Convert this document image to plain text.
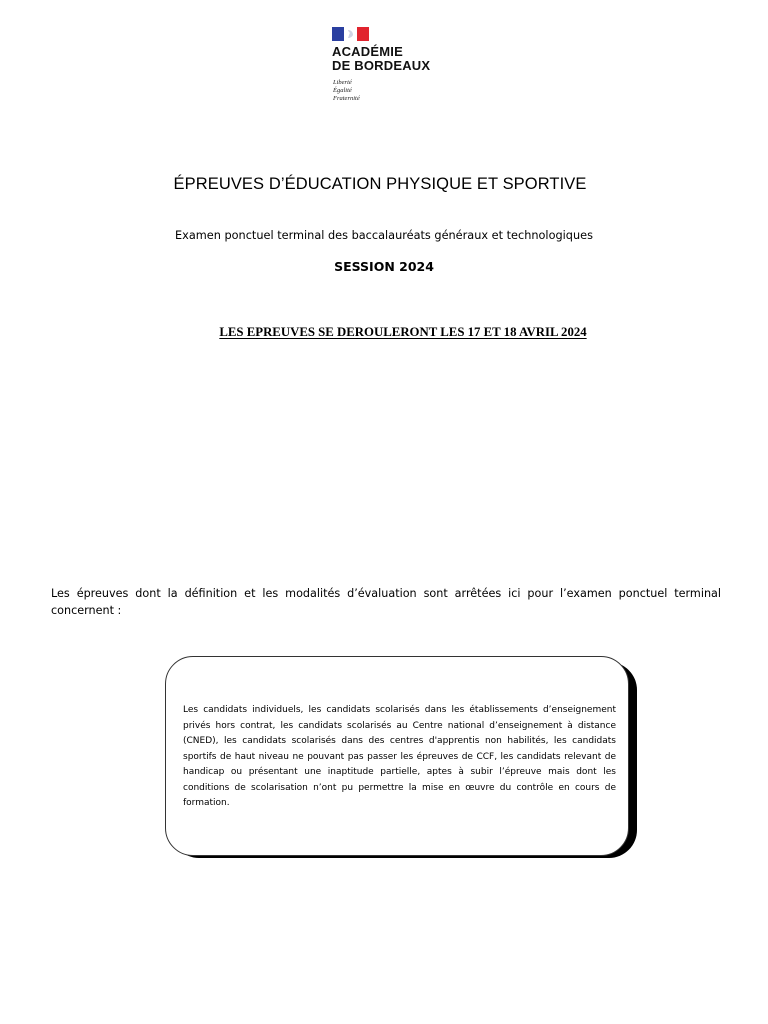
ACADÉMIE
DE BORDEAUX
Liberté
Égalité
Fraternité
ÉPREUVES D’ÉDUCATION PHYSIQUE ET SPORTIVE
Examen ponctuel terminal des baccalauréats généraux et technologiques
SESSION 2024
LES EPREUVES SE DEROULERONT LES 17 ET 18 AVRIL 2024
Les épreuves dont la définition et les modalités d’évaluation sont arrêtées ici pour l’examen ponctuel terminal concernent :
Les candidats individuels, les candidats scolarisés dans les établissements d’enseignement privés hors contrat, les candidats scolarisés au Centre national d’enseignement à distance (CNED), les candidats scolarisés dans des centres d'apprentis non habilités, les candidats sportifs de haut niveau ne pouvant pas passer les épreuves de CCF, les candidats relevant de handicap ou présentant une inaptitude partielle, aptes à subir l’épreuve mais dont les conditions de scolarisation n’ont pu permettre la mise en œuvre du contrôle en cours de formation.
